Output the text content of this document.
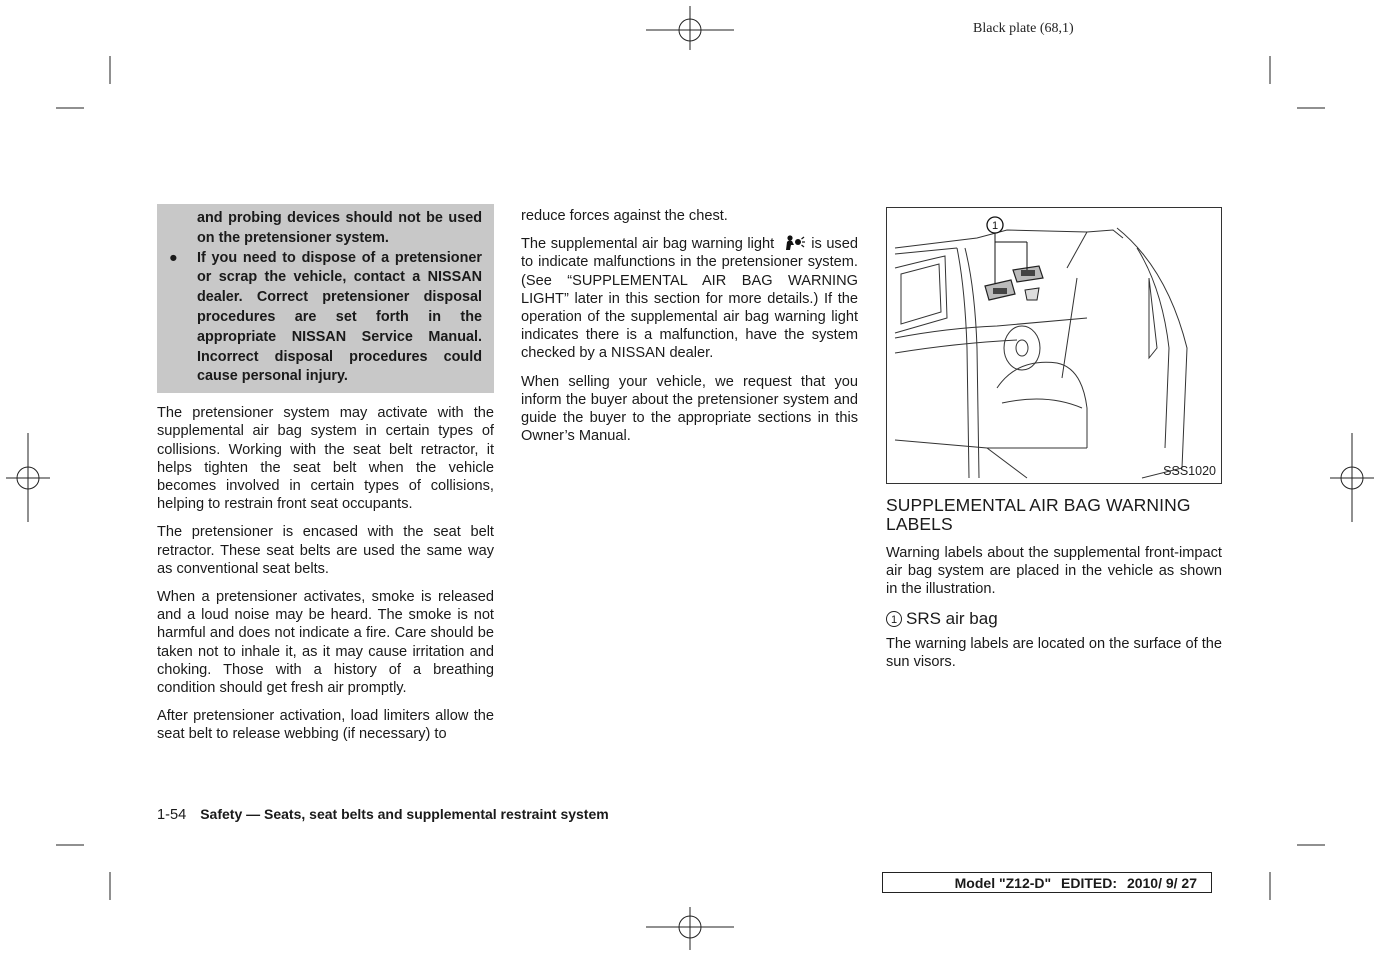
Black plate (68,1)
and probing devices should not be used on the pretensioner system.
●	If you need to dispose of a pretensioner or scrap the vehicle, contact a NISSAN dealer. Correct pretensioner disposal procedures are set forth in the appropriate NISSAN Service Manual. Incorrect disposal procedures could cause personal injury.

The pretensioner system may activate with the supplemental air bag system in certain types of collisions. Working with the seat belt retractor, it helps tighten the seat belt when the vehicle becomes involved in certain types of collisions, helping to restrain front seat occupants.

The pretensioner is encased with the seat belt retractor. These seat belts are used the same way as conventional seat belts.

When a pretensioner activates, smoke is released and a loud noise may be heard. The smoke is not harmful and does not indicate a fire. Care should be taken not to inhale it, as it may cause irritation and choking. Those with a history of a breathing condition should get fresh air promptly.

After pretensioner activation, load limiters allow the seat belt to release webbing (if necessary) to

reduce forces against the chest.

The supplemental air bag warning light	is used to indicate malfunctions in the pretensioner system. (See “SUPPLEMENTAL AIR BAG WARNING LIGHT” later in this section for more details.) If the operation of the supplemental air bag warning light indicates there is a malfunction, have the system checked by a NISSAN dealer.

When selling your vehicle, we request that you inform the buyer about the pretensioner system and guide the buyer to the appropriate sections in this Owner’s Manual.

1
SSS1020
SUPPLEMENTAL AIR BAG WARNING LABELS

Warning labels about the supplemental front-impact air bag system are placed in the vehicle as shown in the illustration.

1 SRS air bag

The warning labels are located on the surface of the sun visors.

1-54 Safety — Seats, seat belts and supplemental restraint system
Model "Z12-D" EDITED: 2010/ 9/ 27
